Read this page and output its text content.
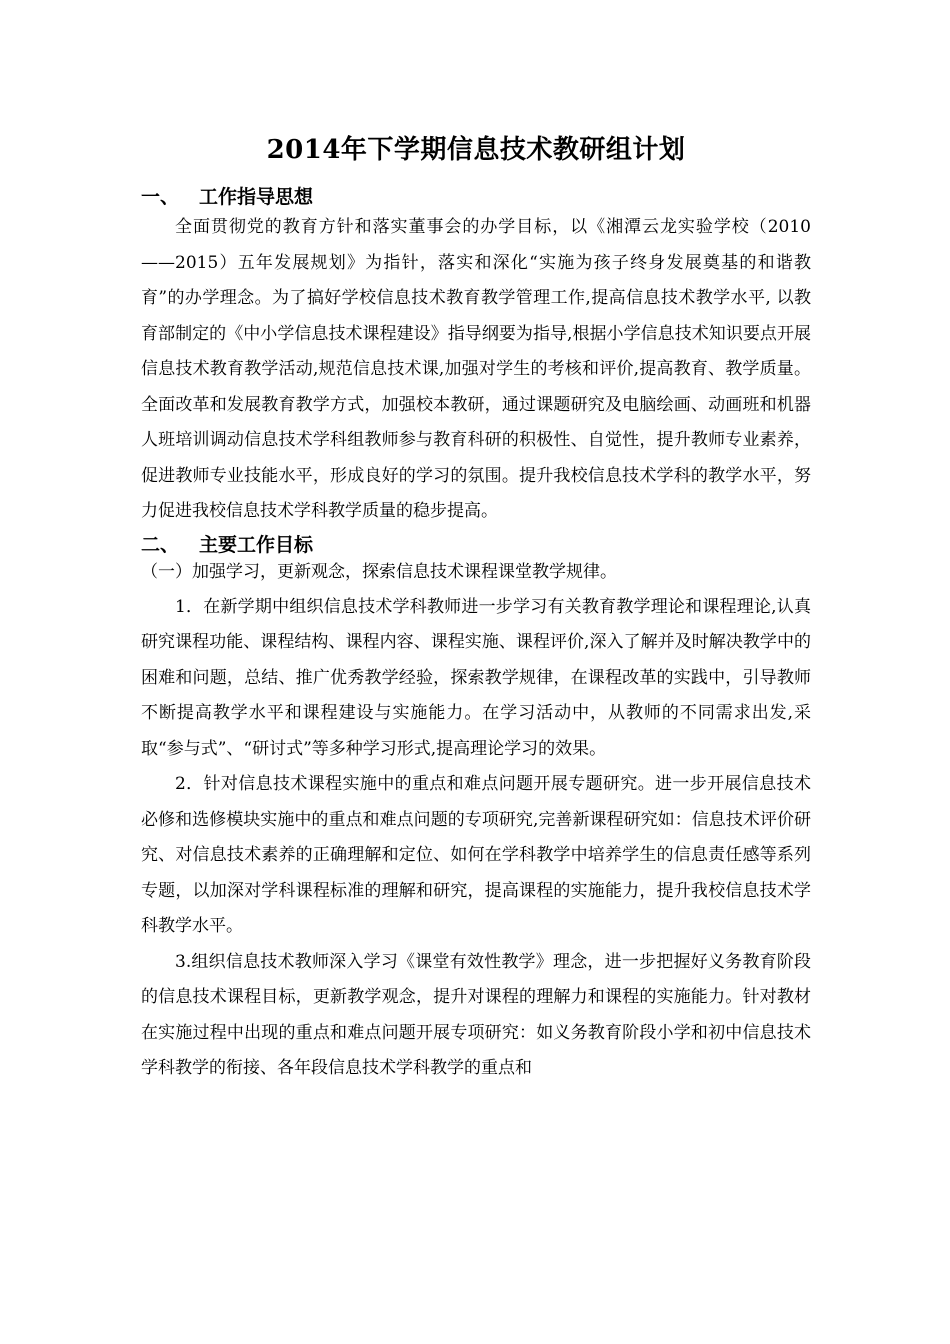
2014年下学期信息技术教研组计划
一、	工作指导思想

全面贯彻党的教育方针和落实董事会的办学目标，以《湘潭云龙实验学校（2010——2015）五年发展规划》为指针，落实和深化“实施为孩子终身发展奠基的和谐教育”的办学理念。为了搞好学校信息技术教育教学管理工作,提高信息技术教学水平, 以教育部制定的《中小学信息技术课程建设》指导纲要为指导,根据小学信息技术知识要点开展信息技术教育教学活动,规范信息技术课,加强对学生的考核和评价,提高教育、教学质量。全面改革和发展教育教学方式，加强校本教研，通过课题研究及电脑绘画、动画班和机器人班培训调动信息技术学科组教师参与教育科研的积极性、自觉性，提升教师专业素养，促进教师专业技能水平，形成良好的学习的氛围。提升我校信息技术学科的教学水平，努力促进我校信息技术学科教学质量的稳步提高。

二、	主要工作目标

（一）加强学习，更新观念，探索信息技术课程课堂教学规律。

1．在新学期中组织信息技术学科教师进一步学习有关教育教学理论和课程理论,认真研究课程功能、课程结构、课程内容、课程实施、课程评价,深入了解并及时解决教学中的困难和问题，总结、推广优秀教学经验，探索教学规律，在课程改革的实践中，引导教师不断提高教学水平和课程建设与实施能力。在学习活动中，从教师的不同需求出发,采取“参与式”、“研讨式”等多种学习形式,提高理论学习的效果。

2．针对信息技术课程实施中的重点和难点问题开展专题研究。进一步开展信息技术必修和选修模块实施中的重点和难点问题的专项研究,完善新课程研究如：信息技术评价研究、对信息技术素养的正确理解和定位、如何在学科教学中培养学生的信息责任感等系列专题，以加深对学科课程标准的理解和研究，提高课程的实施能力，提升我校信息技术学科教学水平。

3.组织信息技术教师深入学习《课堂有效性教学》理念，进一步把握好义务教育阶段的信息技术课程目标，更新教学观念，提升对课程的理解力和课程的实施能力。针对教材在实施过程中出现的重点和难点问题开展专项研究：如义务教育阶段小学和初中信息技术学科教学的衔接、各年段信息技术学科教学的重点和
